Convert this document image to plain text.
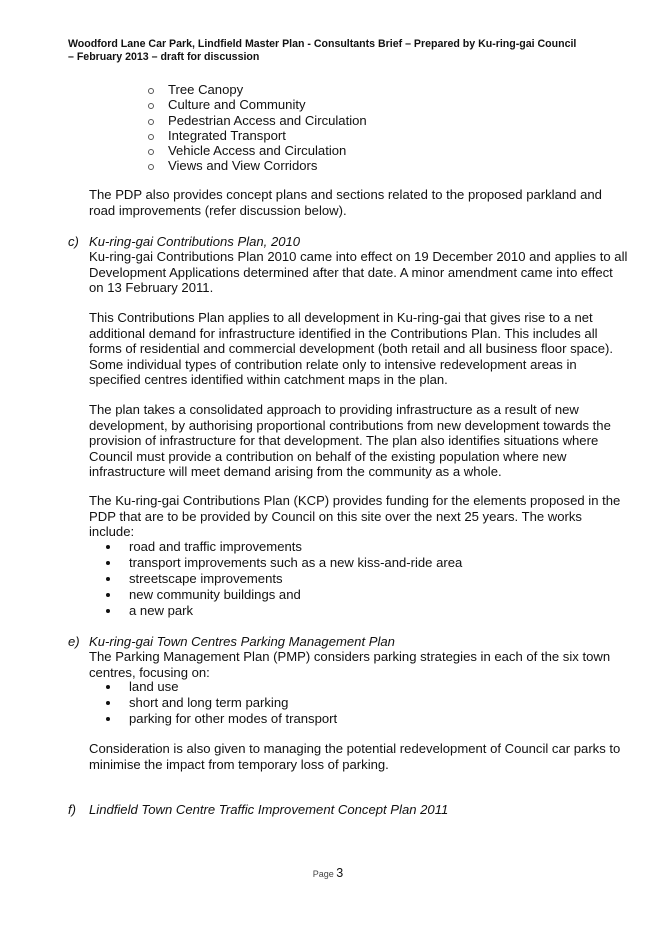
Woodford Lane Car Park, Lindfield Master Plan - Consultants Brief – Prepared by Ku-ring-gai Council
– February 2013 – draft for discussion
Tree Canopy
Culture and Community
Pedestrian Access and Circulation
Integrated Transport
Vehicle Access and Circulation
Views and View Corridors

The PDP also provides concept plans and sections related to the proposed parkland and road improvements (refer discussion below).

c) Ku-ring-gai Contributions Plan, 2010

Ku-ring-gai Contributions Plan 2010 came into effect on 19 December 2010 and applies to all Development Applications determined after that date. A minor amendment came into effect on 13 February 2011.

This Contributions Plan applies to all development in Ku-ring-gai that gives rise to a net additional demand for infrastructure identified in the Contributions Plan. This includes all forms of residential and commercial development (both retail and all business floor space). Some individual types of contribution relate only to intensive redevelopment areas in specified centres identified within catchment maps in the plan.

The plan takes a consolidated approach to providing infrastructure as a result of new development, by authorising proportional contributions from new development towards the provision of infrastructure for that development. The plan also identifies situations where Council must provide a contribution on behalf of the existing population where new infrastructure will meet demand arising from the community as a whole.

The Ku-ring-gai Contributions Plan (KCP) provides funding for the elements proposed in the PDP that are to be provided by Council on this site over the next 25 years. The works include:

road and traffic improvements
transport improvements such as a new kiss-and-ride area
streetscape improvements
new community buildings and
a new park

e) Ku-ring-gai Town Centres Parking Management Plan

The Parking Management Plan (PMP) considers parking strategies in each of the six town centres, focusing on:

land use
short and long term parking
parking for other modes of transport

Consideration is also given to managing the potential redevelopment of Council car parks to minimise the impact from temporary loss of parking.

f) Lindfield Town Centre Traffic Improvement Concept Plan 2011

Page 3
